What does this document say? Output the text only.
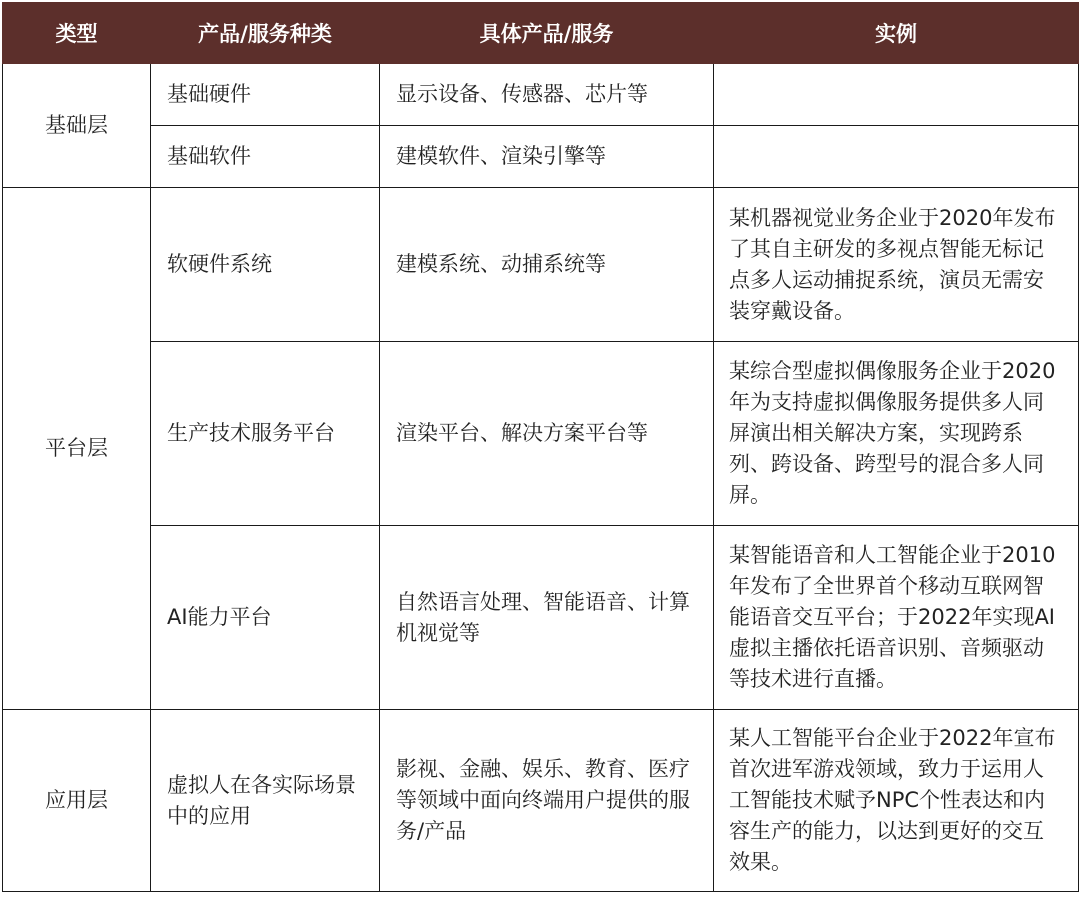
类型	产品/服务种类	具体产品/服务	实例
基础层	基础硬件	显示设备、传感器、芯片等	
	基础软件	建模软件、渲染引擎等	
平台层	软硬件系统	建模系统、动捕系统等	某机器视觉业务企业于2020年发布了其自主研发的多视点智能无标记点多人运动捕捉系统，演员无需安装穿戴设备。
	生产技术服务平台	渲染平台、解决方案平台等	某综合型虚拟偶像服务企业于2020年为支持虚拟偶像服务提供多人同屏演出相关解决方案，实现跨系列、跨设备、跨型号的混合多人同屏。
	AI能力平台	自然语言处理、智能语音、计算机视觉等	某智能语音和人工智能企业于2010年发布了全世界首个移动互联网智能语音交互平台；于2022年实现AI虚拟主播依托语音识别、音频驱动等技术进行直播。
应用层	虚拟人在各实际场景中的应用	影视、金融、娱乐、教育、医疗等领域中面向终端用户提供的服务/产品	某人工智能平台企业于2022年宣布首次进军游戏领域，致力于运用人工智能技术赋予NPC个性表达和内容生产的能力，以达到更好的交互效果。
